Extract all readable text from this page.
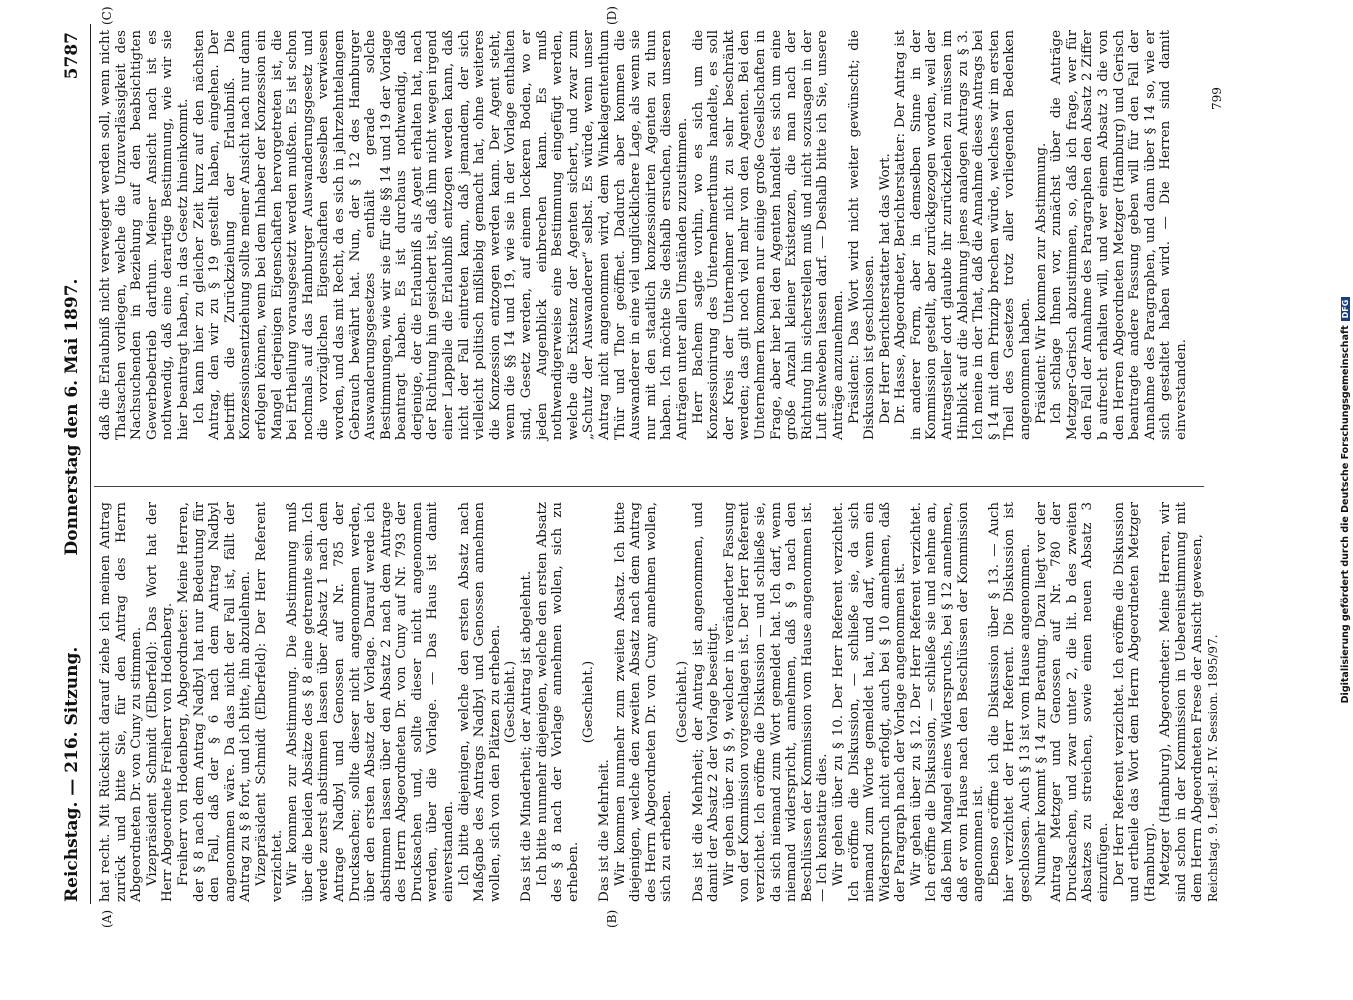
Reichstag. — 216. Sitzung.
Donnerstag den 6. Mai 1897.
5787
(A)	(B)
(C)	(D)

hat recht. Mit Rücksicht darauf ziehe ich meinen Antrag zurück und bitte Sie, für den Antrag des Herrn Abgeordneten Dr. von Cuny zu stimmen. Vizepräsident Schmidt (Elberfeld): Das Wort hat der Herr Abgeordnete Freiherr von Hodenberg. Freiherr von Hodenberg, Abgeordneter: Meine Herren, der § 8 nach dem Antrag Nadbyl hat nur Bedeutung für den Fall, daß der § 6 nach dem Antrag Nadbyl angenommen wäre. Da das nicht der Fall ist, fällt der Antrag zu § 8 fort, und ich bitte, ihn abzulehnen. Vizepräsident Schmidt (Elberfeld): Der Herr Referent verzichtet. Wir kommen zur Abstimmung. Die Abstimmung muß über die beiden Absätze des § 8 eine getrennte sein. Ich werde zuerst abstimmen lassen über Absatz 1 nach dem Antrage Nadbyl und Genossen auf Nr. 785 der Drucksachen; sollte dieser nicht angenommen werden, über den ersten Absatz der Vorlage. Darauf werde ich abstimmen lassen über den Absatz 2 nach dem Antrage des Herrn Abgeordneten Dr. von Cuny auf Nr. 793 der Drucksachen und, sollte dieser nicht angenommen werden, über die Vorlage. — Das Haus ist damit einverstanden. Ich bitte diejenigen, welche den ersten Absatz nach Maßgabe des Antrags Nadbyl und Genossen annehmen wollen, sich von den Plätzen zu erheben. (Geschieht.) Das ist die Minderheit; der Antrag ist abgelehnt. Ich bitte nunmehr diejenigen, welche den ersten Absatz des § 8 nach der Vorlage annehmen wollen, sich zu erheben.

(Geschieht.)

Das ist die Mehrheit. Wir kommen nunmehr zum zweiten Absatz. Ich bitte diejenigen, welche den zweiten Absatz nach dem Antrag des Herrn Abgeordneten Dr. von Cuny annehmen wollen, sich zu erheben.

(Geschieht.) Das ist die Mehrheit; der Antrag ist angenommen, und damit der Absatz 2 der Vorlage beseitigt. Wir gehen über zu § 9, welcher in veränderter Fassung von der Kommission vorgeschlagen ist. Der Herr Referent verzichtet. Ich eröffne die Diskussion — und schließe sie, da sich niemand zum Wort gemeldet hat. Ich darf, wenn niemand widerspricht, annehmen, daß § 9 nach den Beschlüssen der Kommission vom Hause angenommen ist. — Ich konstatire dies. Wir gehen über zu § 10. Der Herr Referent verzichtet. Ich eröffne die Diskussion, — schließe sie, da sich niemand zum Worte gemeldet hat, und darf, wenn ein Widerspruch nicht erfolgt, auch bei § 10 annehmen, daß der Paragraph nach der Vorlage angenommen ist. Wir gehen über zu § 12. Der Herr Referent verzichtet. Ich eröffne die Diskussion, — schließe sie und nehme an, daß beim Mangel eines Widerspruchs, bei § 12 annehmen, daß er vom Hause nach den Beschlüssen der Kommission angenommen ist. Ebenso eröffne ich die Diskussion über § 13. — Auch hier verzichtet der Herr Referent. Die Diskussion ist geschlossen. Auch § 13 ist vom Hause angenommen. Nunmehr kommt § 14 zur Beratung. Dazu liegt vor der Antrag Metzger und Genossen auf Nr. 780 der Drucksachen, und zwar unter 2, die lit. b des zweiten Absatzes zu streichen, sowie einen neuen Absatz 3 einzufügen. Der Herr Referent verzichtet. Ich eröffne die Diskussion und ertheile das Wort dem Herrn Abgeordneten Metzger (Hamburg). Metzger (Hamburg), Abgeordneter: Meine Herren, wir sind schon in der Kommission in Uebereinstimmung mit dem Herrn Abgeordneten Frese der Ansicht gewesen,

daß die Erlaubniß nicht verweigert werden soll, wenn nicht Thatsachen vorliegen, welche die Unzuverlässigkeit des Nachsuchenden in Beziehung auf den beabsichtigten Gewerbebetrieb darthun. Meiner Ansicht nach ist es nothwendig, daß eine derartige Bestimmung, wie wir sie hier beantragt haben, in das Gesetz hineinkommt. Ich kann hier zu gleicher Zeit kurz auf den nächsten Antrag, den wir zu § 19 gestellt haben, eingehen. Der betrifft die Zurückziehung der Erlaubniß. Die Konzessionsentziehung sollte meiner Ansicht nach nur dann erfolgen können, wenn bei dem Inhaber der Konzession ein Mangel derjenigen Eigenschaften hervorgetreten ist, die bei Ertheilung vorausgesetzt werden mußten. Es ist schon nochmals auf das Hamburger Auswanderungsgesetz und die vorzüglichen Eigenschaften desselben verwiesen worden, und das mit Recht, da es sich in jahrzehntelangem Gebrauch bewährt hat. Nun, der § 12 des Hamburger Auswanderungsgesetzes enthält gerade solche Bestimmungen, wie wir sie für die §§ 14 und 19 der Vorlage beantragt haben. Es ist durchaus nothwendig, daß derjenige, der die Erlaubniß als Agent erhalten hat, nach der Richtung hin gesichert ist, daß ihm nicht wegen irgend einer Lappalie die Erlaubniß entzogen werden kann, daß nicht der Fall eintreten kann, daß jemandem, der sich vielleicht politisch mißliebig gemacht hat, ohne weiteres die Konzession entzogen werden kann. Der Agent steht, wenn die §§ 14 und 19, wie sie in der Vorlage enthalten sind, Gesetz werden, auf einem lockeren Boden, wo er jeden Augenblick einbrechen kann. Es muß nothwendigerweise eine Bestimmung eingefügt werden, welche die Existenz der Agenten sichert, und zwar zum „Schutz der Auswanderer“ selbst. Es würde, wenn unser Antrag nicht angenommen wird, dem Winkelagententhum Thür und Thor geöffnet. Dadurch aber kommen die Auswanderer in eine viel unglücklichere Lage, als wenn sie nur mit den staatlich konzessionirten Agenten zu thun haben. Ich möchte Sie deshalb ersuchen, diesen unseren Anträgen unter allen Umständen zuzustimmen. Herr Bachem sagte vorhin, wo es sich um die Konzessionirung des Unternehmerthums handelte, es soll der Kreis der Unternehmer nicht zu sehr beschränkt werden; das gilt noch viel mehr von den Agenten. Bei den Unternehmern kommen nur einige große Gesellschaften in Frage, aber hier bei den Agenten handelt es sich um eine große Anzahl kleiner Existenzen, die man nach der Richtung hin sicherstellen muß und nicht sozusagen in der Luft schweben lassen darf. — Deshalb bitte ich Sie, unsere Anträge anzunehmen. Präsident: Das Wort wird nicht weiter gewünscht; die Diskussion ist geschlossen. Der Herr Berichterstatter hat das Wort. Dr. Hasse, Abgeordneter, Berichterstatter: Der Antrag ist in anderer Form, aber in demselben Sinne in der Kommission gestellt, aber zurückgezogen worden, weil der Antragsteller dort glaubte ihr zurückziehen zu müssen im Hinblick auf die Ablehnung jenes analogen Antrags zu § 3. Ich meine in der That, daß die Annahme dieses Antrags bei § 14 mit dem Prinzip brechen würde, welches wir im ersten Theil des Gesetzes trotz aller vorliegenden Bedenken angenommen haben. Präsident: Wir kommen zur Abstimmung. Ich schlage Ihnen vor, zunächst über die Anträge Metzger-Gerisch abzustimmen, so, daß ich frage, wer für den Fall der Annahme des Paragraphen den Absatz 2 Ziffer b aufrecht erhalten will, und wer einem Absatz 3 die von den Herren Abgeordneten Metzger (Hamburg) und Gerisch beantragte andere Fassung geben will für den Fall der Annahme des Paragraphen, und dann über § 14 so, wie er sich gestaltet haben wird. — Die Herren sind damit einverstanden.

Reichstag. 9. Legisl.-P. IV. Session. 1895/97.
799
Digitalisierung gefördert durch die Deutsche ForschungsgemeinschaftDFG
